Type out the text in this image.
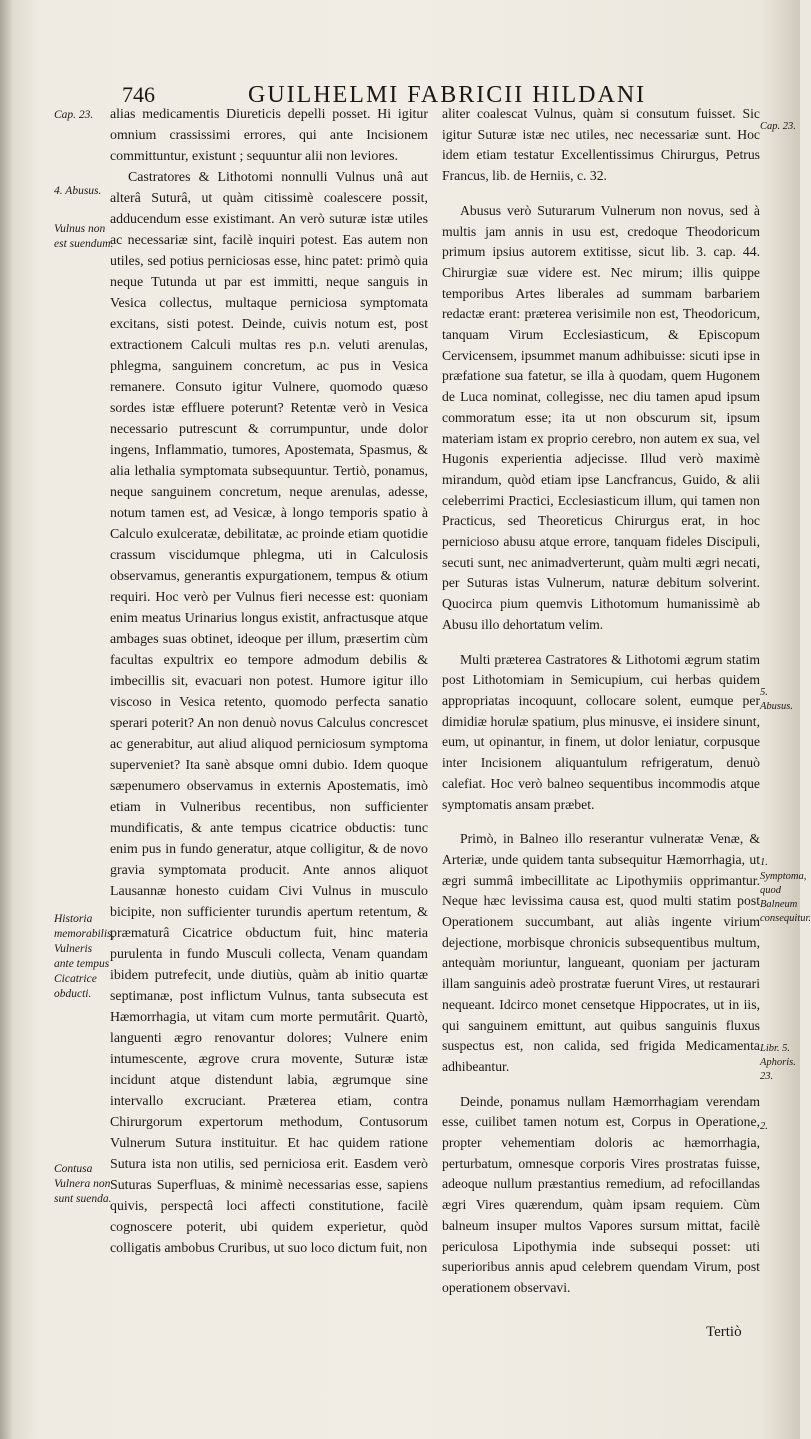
746	GUILHELMI FABRICII HILDANI

alias medicamentis Diureticis depelli posset. Hi igitur omnium crassissimi errores, qui ante Incisionem committuntur, existunt ; sequuntur alii non leviores.

Castratores & Lithotomi nonnulli Vulnus unâ aut alterâ Suturâ, ut quàm citissimè coalescere possit, adducendum esse existimant. An verò suturæ istæ utiles ac necessariæ sint, facilè inquiri potest. Eas autem non utiles, sed potius perniciosas esse, hinc patet: primò quia neque Tutunda ut par est immitti, neque sanguis in Vesica collectus, multaque perniciosa symptomata excitans, sisti potest. Deinde, cuivis notum est, post extractionem Calculi multas res p.n. veluti arenulas, phlegma, sanguinem concretum, ac pus in Vesica remanere. Consuto igitur Vulnere, quomodo quæso sordes istæ effluere poterunt? Retentæ verò in Vesica necessario putrescunt & corrumpuntur, unde dolor ingens, Inflammatio, tumores, Apostemata, Spasmus, & alia lethalia symptomata subsequuntur. Tertiò, ponamus, neque sanguinem concretum, neque arenulas, adesse, notum tamen est, ad Vesicæ, à longo temporis spatio à Calculo exulceratæ, debilitatæ, ac proinde etiam quotidie crassum viscidumque phlegma, uti in Calculosis observamus, generantis expurgationem, tempus & otium requiri. Hoc verò per Vulnus fieri necesse est: quoniam enim meatus Urinarius longus existit, anfractusque atque ambages suas obtinet, ideoque per illum, præsertim cùm facultas expultrix eo tempore admodum debilis & imbecillis sit, evacuari non potest. Humore igitur illo viscoso in Vesica retento, quomodo perfecta sanatio sperari poterit? An non denuò novus Calculus concrescet ac generabitur, aut aliud aliquod perniciosum symptoma superveniet? Ita sanè absque omni dubio. Idem quoque sæpenumero observamus in externis Apostematis, imò etiam in Vulneribus recentibus, non sufficienter mundificatis, & ante tempus cicatrice obductis: tunc enim pus in fundo generatur, atque colligitur, & de novo gravia symptomata producit. Ante annos aliquot Lausannæ honesto cuidam Civi Vulnus in musculo bicipite, non sufficienter turundis apertum retentum, & præmaturâ Cicatrice obductum fuit, hinc materia purulenta in fundo Musculi collecta, Venam quandam ibidem putrefecit, unde diutiùs, quàm ab initio quartæ septimanæ, post inflictum Vulnus, tanta subsecuta est Hæmorrhagia, ut vitam cum morte permutârit. Quartò, languenti ægro renovantur dolores; Vulnere enim intumescente, ægrove crura movente, Suturæ istæ incidunt atque distendunt labia, ægrumque sine intervallo excruciant. Præterea etiam, contra Chirurgorum expertorum methodum, Contusorum Vulnerum Sutura instituitur. Et hac quidem ratione Sutura ista non utilis, sed perniciosa erit. Easdem verò Suturas Superfluas, & minimè necessarias esse, sapiens quivis, perspectâ loci affecti constitutione, facilè cognoscere poterit, ubi quidem experietur, quòd colligatis ambobus Cruribus, ut suo loco dictum fuit, non

aliter coalescat Vulnus, quàm si consutum fuisset. Sic igitur Suturæ istæ nec utiles, nec necessariæ sunt. Hoc idem etiam testatur Excellentissimus Chirurgus, Petrus Francus, lib. de Herniis, c. 32.

Abusus verò Suturarum Vulnerum non novus, sed à multis jam annis in usu est, credoque Theodoricum primum ipsius autorem extitisse, sicut lib. 3. cap. 44. Chirurgiæ suæ videre est. Nec mirum; illis quippe temporibus Artes liberales ad summam barbariem redactæ erant: præterea verisimile non est, Theodoricum, tanquam Virum Ecclesiasticum, & Episcopum Cervicensem, ipsummet manum adhibuisse: sicuti ipse in præfatione sua fatetur, se illa à quodam, quem Hugonem de Luca nominat, collegisse, nec diu tamen apud ipsum commoratum esse; ita ut non obscurum sit, ipsum materiam istam ex proprio cerebro, non autem ex sua, vel Hugonis experientia adjecisse. Illud verò maximè mirandum, quòd etiam ipse Lancfrancus, Guido, & alii celeberrimi Practici, Ecclesiasticum illum, qui tamen non Practicus, sed Theoreticus Chirurgus erat, in hoc pernicioso abusu atque errore, tanquam fideles Discipuli, secuti sunt, nec animadverterunt, quàm multi ægri necati, per Suturas istas Vulnerum, naturæ debitum solverint. Quocirca pium quemvis Lithotomum humanissimè ab Abusu illo dehortatum velim.

Multi præterea Castratores & Lithotomi ægrum statim post Lithotomiam in Semicupium, cui herbas quidem appropriatas incoquunt, collocare solent, eumque per dimidiæ horulæ spatium, plus minusve, ei insidere sinunt, eum, ut opinantur, in finem, ut dolor leniatur, corpusque inter Incisionem aliquantulum refrigeratum, denuò calefiat. Hoc verò balneo sequentibus incommodis atque symptomatis ansam præbet.

Primò, in Balneo illo reserantur vulneratæ Venæ, & Arteriæ, unde quidem tanta subsequitur Hæmorrhagia, ut ægri summâ imbecillitate ac Lipothymiis opprimantur. Neque hæc levissima causa est, quod multi statim post Operationem succumbant, aut aliàs ingente virium dejectione, morbisque chronicis subsequentibus multum, antequàm moriuntur, langueant, quoniam per jacturam illam sanguinis adeò prostratæ fuerunt Vires, ut restaurari nequeant. Idcirco monet censetque Hippocrates, ut in iis, qui sanguinem emittunt, aut quibus sanguinis fluxus suspectus est, non calida, sed frigida Medicamenta adhibeantur.

Deinde, ponamus nullam Hæmorrhagiam verendam esse, cuilibet tamen notum est, Corpus in Operatione, propter vehementiam doloris ac hæmorrhagia, perturbatum, omnesque corporis Vires prostratas fuisse, adeoque nullum præstantius remedium, ad refocillandas ægri Vires quærendum, quàm ipsam requiem. Cùm balneum insuper multos Vapores sursum mittat, facilè periculosa Lipothymia inde subsequi posset: uti superioribus annis apud celebrem quendam Virum, post operationem observavi.

Cap. 23.
4. Abusus.
Vulnus non est suendum.
Historia memorabilis, Vulneris ante tempus Cicatrice obducti.
Contusa Vulnera non sunt suenda.
Cap. 23.
5. Abusus.
1. Symptoma, quod Balneum consequitur.
Libr. 5. Aphoris. 23.
2.
Tertiò
